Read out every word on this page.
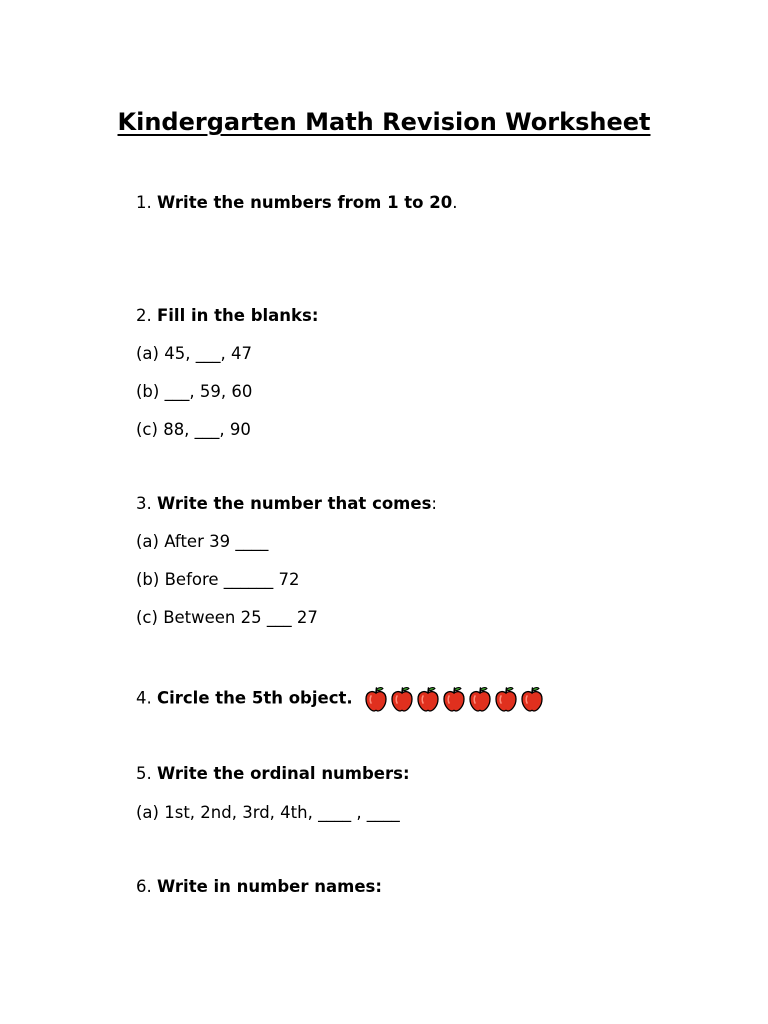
Kindergarten Math Revision Worksheet
1. Write the numbers from 1 to 20.
2. Fill in the blanks:
(a) 45, ___, 47
(b) ___, 59, 60
(c) 88, ___, 90
3. Write the number that comes:
(a) After 39 ____
(b) Before ______ 72
(c) Between 25 ___ 27
4. Circle the 5th object.
5. Write the ordinal numbers:
(a) 1st, 2nd, 3rd, 4th, ____ , ____
6. Write in number names:
